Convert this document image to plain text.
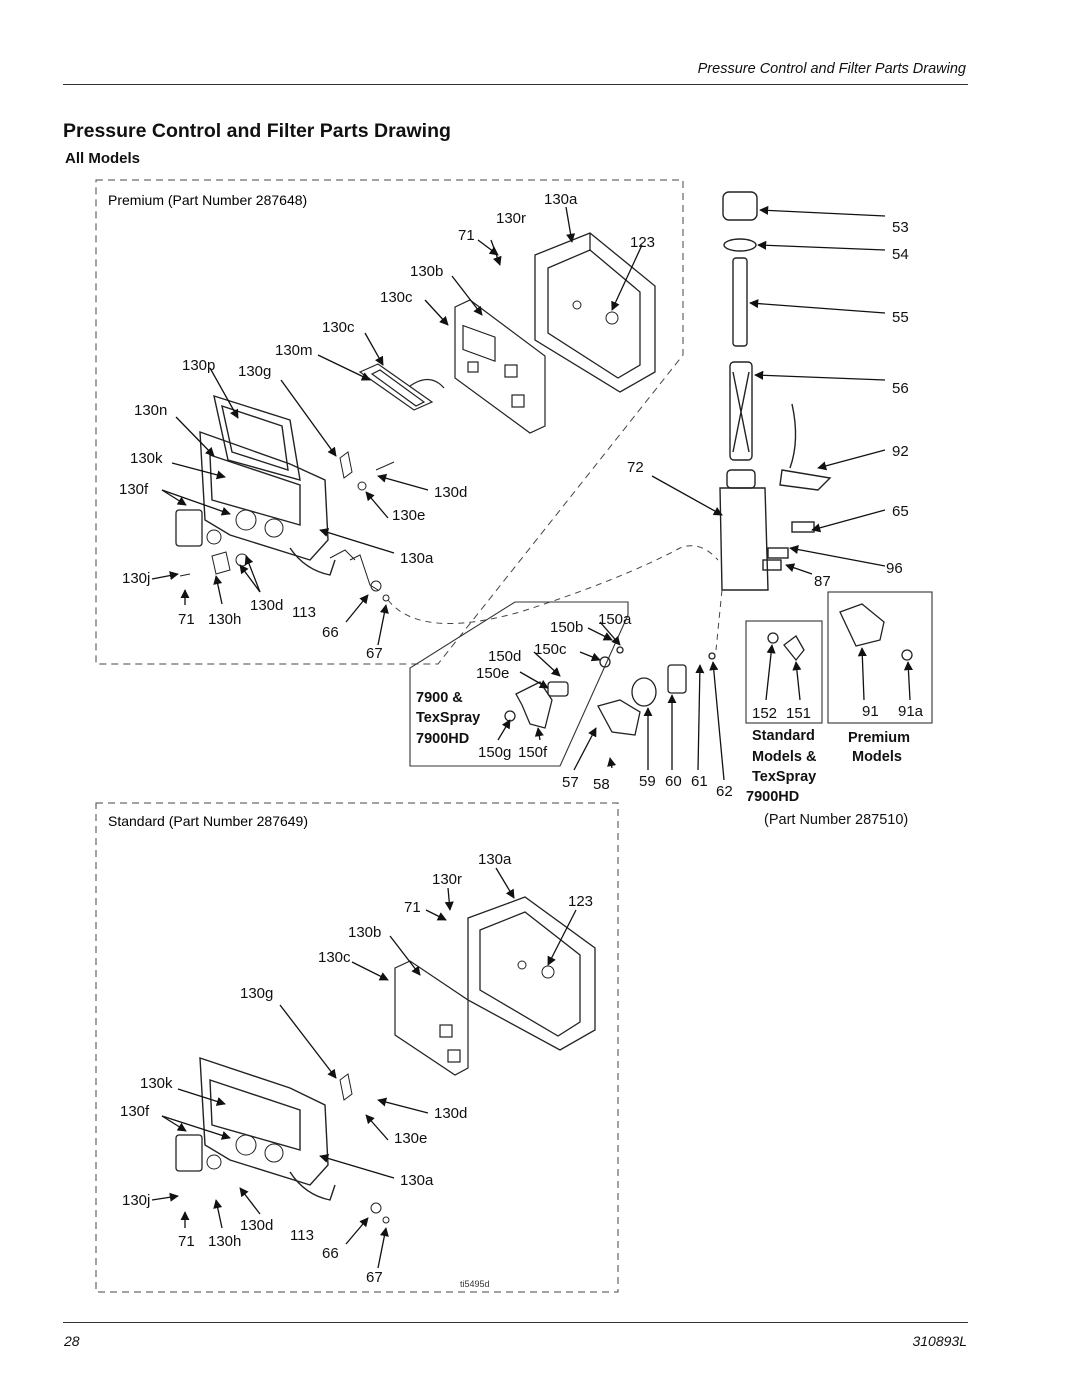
Pressure Control and Filter Parts Drawing
Pressure Control and Filter Parts Drawing
All Models
Premium (Part Number 287648)
Standard (Part Number 287649)
130a
130r
71	123
130b
130c
130c
130m
130p 130g
130n
130k
130f	130d
130e
130a
130j
71 130h
130d 113
66
67
130a
130r
71	123
130b
130c
130g
130k
130f	130d
130e
130a
130j
71 130h
130d
113
66
67	ti5495d
53
54
55
56
92
72
65
96
87
150b 150a
150d 150c
150e
150g 150f
7900 &
TexSpray
7900HD
57 58 59 60 61
62
152 151	91 91a
Standard
Models &
TexSpray
7900HD
Premium
Models
(Part Number 287510)
28	310893L
